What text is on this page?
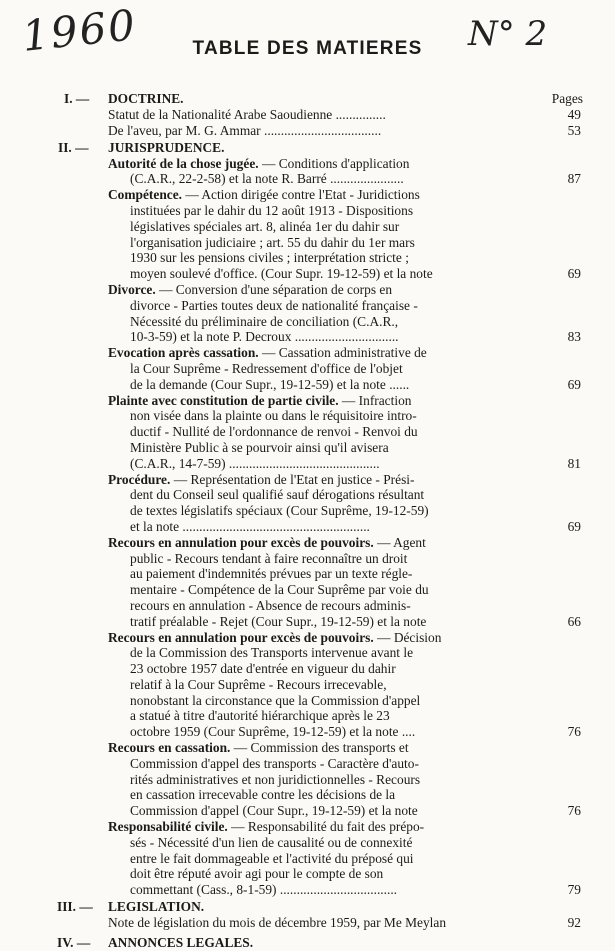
1960	N° 2
TABLE DES MATIERES
I. — DOCTRINE.	Pages
Statut de la Nationalité Arabe Saoudienne ...............	49
De l'aveu, par M. G. Ammar ...................................	53
II. — JURISPRUDENCE.
Autorité de la chose jugée. — Conditions d'application
(C.A.R., 22-2-58) et la note R. Barré ......................	87
Compétence. — Action dirigée contre l'Etat - Juridictions
instituées par le dahir du 12 août 1913 - Dispositions
législatives spéciales art. 8, alinéa 1er du dahir sur
l'organisation judiciaire ; art. 55 du dahir du 1er mars
1930 sur les pensions civiles ; interprétation stricte ;
moyen soulevé d'office. (Cour Supr. 19-12-59) et la note	69
Divorce. — Conversion d'une séparation de corps en
divorce - Parties toutes deux de nationalité française -
Nécessité du préliminaire de conciliation (C.A.R.,
10-3-59) et la note P. Decroux ...............................	83
Evocation après cassation. — Cassation administrative de
la Cour Suprême - Redressement d'office de l'objet
de la demande (Cour Supr., 19-12-59) et la note ......	69
Plainte avec constitution de partie civile. — Infraction
non visée dans la plainte ou dans le réquisitoire intro-
ductif - Nullité de l'ordonnance de renvoi - Renvoi du
Ministère Public à se pourvoir ainsi qu'il avisera
(C.A.R., 14-7-59) .............................................	81
Procédure. — Représentation de l'Etat en justice - Prési-
dent du Conseil seul qualifié sauf dérogations résultant
de textes législatifs spéciaux (Cour Suprême, 19-12-59)
et la note ........................................................	69
Recours en annulation pour excès de pouvoirs. — Agent
public - Recours tendant à faire reconnaître un droit
au paiement d'indemnités prévues par un texte régle-
mentaire - Compétence de la Cour Suprême par voie du
recours en annulation - Absence de recours adminis-
tratif préalable - Rejet (Cour Supr., 19-12-59) et la note	66
Recours en annulation pour excès de pouvoirs. — Décision
de la Commission des Transports intervenue avant le
23 octobre 1957 date d'entrée en vigueur du dahir
relatif à la Cour Suprême - Recours irrecevable,
nonobstant la circonstance que la Commission d'appel
a statué à titre d'autorité hiérarchique après le 23
octobre 1959 (Cour Suprême, 19-12-59) et la note ....	76
Recours en cassation. — Commission des transports et
Commission d'appel des transports - Caractère d'auto-
rités administratives et non juridictionnelles - Recours
en cassation irrecevable contre les décisions de la
Commission d'appel (Cour Supr., 19-12-59) et la note	76
Responsabilité civile. — Responsabilité du fait des prépo-
sés - Nécessité d'un lien de causalité ou de connexité
entre le fait dommageable et l'activité du préposé qui
doit être réputé avoir agi pour le compte de son
commettant (Cass., 8-1-59) ...................................	79
III. — LEGISLATION.
Note de législation du mois de décembre 1959, par Me Meylan	92
IV. — ANNONCES LEGALES.
